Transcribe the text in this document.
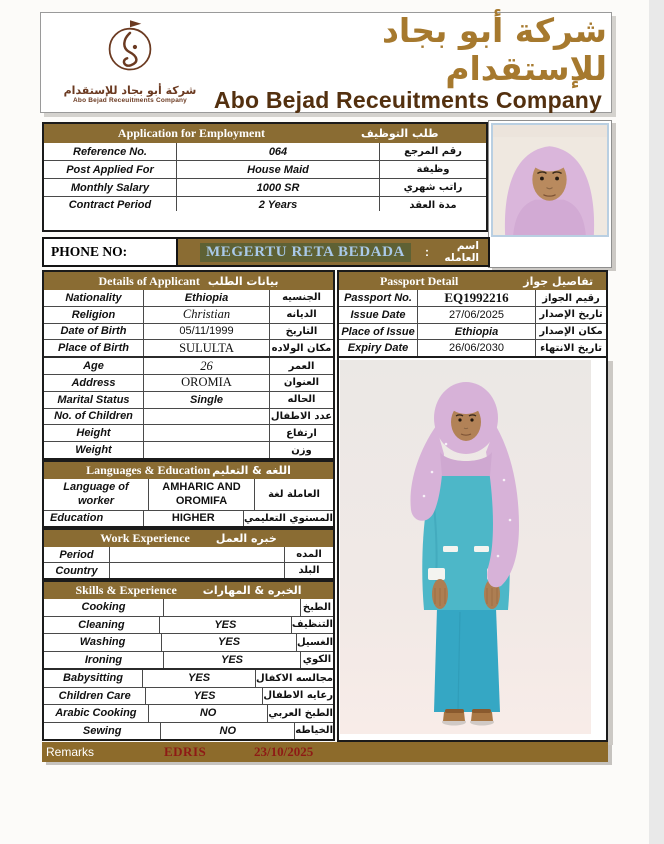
شركة أبو بجاد للإستقدام
Abo Bejad Receuitments Company
شركة أبو بجاد للإستقدام
Abo Bejad Receuitments Company
Application for Employment	طلب التوظيف
Reference No.	064	رقم المرجع
Post Applied For	House Maid	وظيفة
Monthly Salary	1000 SR	راتب شهري
Contract Period	2 Years	مدة العقد
PHONE NO:	MEGERTU RETA BEDADA	:	اسم العامله
Details of Applicant بيانات الطلب
Nationality	Ethiopia	الجنسيه
Religion	Christian	الديانه
Date of Birth	05/11/1999	التاريخ
Place of Birth	SULULTA	مكان الولاده
Age	26	العمر
Address	OROMIA	العنوان
Marital Status	Single	الحاله
No. of Children	عدد الاطفال
Height	ارتفاع
Weight	وزن
Languages & Education اللغه & التعليم
Language of worker
AMHARIC AND OROMIFA	العاملة لغة
Education	HIGHER	المستوي التعليمي
Work Experience خبره العمل
Period	المده
Country	البلد
Skills & Experience الخبره & المهارات
Cooking	الطبخ
Cleaning	YES	التنظيف
Washing	YES	الغسيل
Ironing	YES	الكوي
Babysitting	YES	مجالسه الاكفال
Children Care	YES	رعايه الاطفال
Arabic Cooking	NO	الطبخ العربي
Sewing	NO	الخياطه
Passport Detail	تفاصيل جواز
Passport No.	EQ1992216	رقيم الجواز
Issue Date	27/06/2025	تاريخ الإصدار
Place of Issue	Ethiopia	مكان الإصدار
Expiry Date	26/06/2030	تاريخ الانتهاء
Remarks	EDRIS	23/10/2025
